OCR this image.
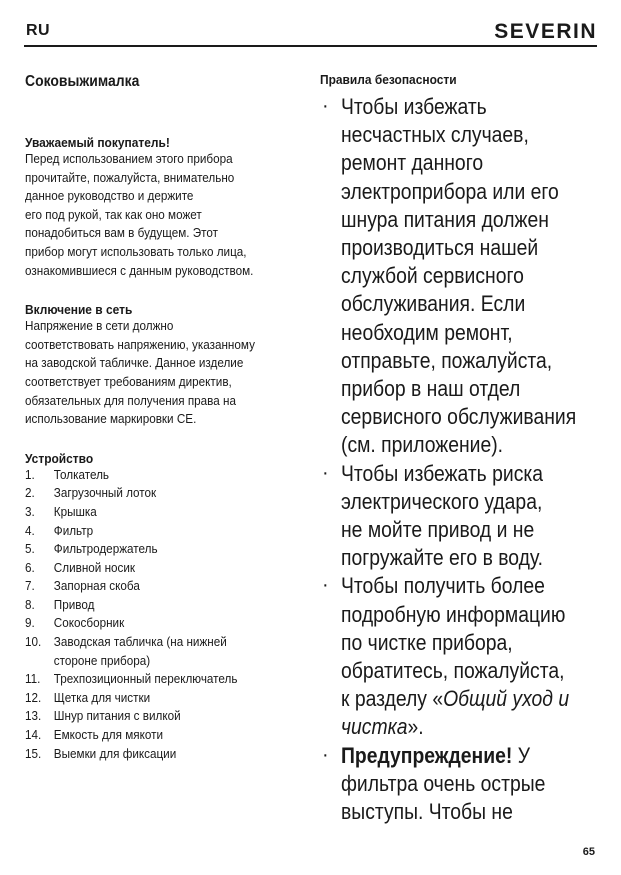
RU	SEVERIN
Соковыжималка
Уважаемый покупатель!

Перед использованием этого прибора
прочитайте, пожалуйста, внимательно
данное руководство и держите
его под рукой, так как оно может
понадобиться вам в будущем. Этот
прибор могут использовать только лица,
ознакомившиеся с данным руководством.

Включение в сеть

Напряжение в сети должно
соответствовать напряжению, указанному
на заводской табличке. Данное изделие
соответствует требованиям директив,
обязательных для получения права на
использование маркировки CE.

Устройство
1. Толкатель
2. Загрузочный лоток
3. Крышка
4. Фильтр
5. Фильтродержатель
6. Сливной носик
7. Запорная скоба
8. Привод
9. Сокосборник
10. Заводская табличка (на нижней
стороне прибора)
11. Трехпозиционный переключатель
12. Щетка для чистки
13. Шнур питания с вилкой
14. Емкость для мякоти
15. Выемки для фиксации
Правила безопасности
· Чтобы избежать
несчастных случаев,
ремонт данного
электроприбора или его
шнура питания должен
производиться нашей
службой сервисного
обслуживания. Если
необходим ремонт,
отправьте, пожалуйста,
прибор в наш отдел
сервисного обслуживания
(см. приложение).
· Чтобы избежать риска
электрического удара,
не мойте привод и не
погружайте его в воду.
· Чтобы получить более
подробную информацию
по чистке прибора,
обратитесь, пожалуйста,
к разделу «Общий уход и
чистка».
· Предупреждение! У
фильтра очень острые
выступы. Чтобы не
65
